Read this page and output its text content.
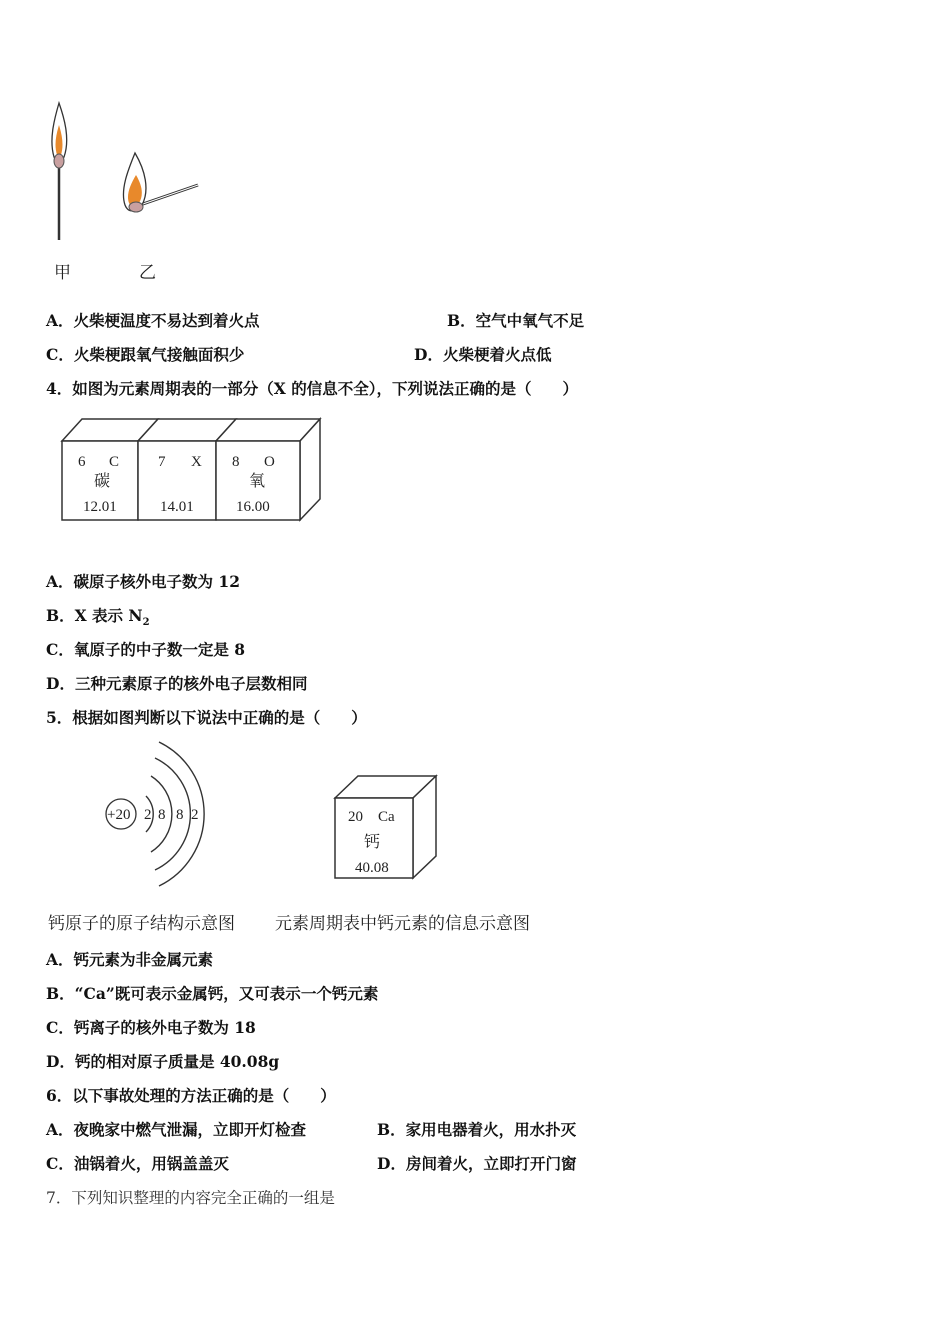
甲	乙
A．火柴梗温度不易达到着火点	B．空气中氧气不足
C．火柴梗跟氧气接触面积少	D．火柴梗着火点低
4．如图为元素周期表的一部分（X 的信息不全），下列说法正确的是（　　）
6 C
碳
12.01
7 X
14.01
8 O
氧
16.00
A．碳原子核外电子数为 12
B．X 表示 $N_2$
C．氧原子的中子数一定是 8
D．三种元素原子的核外电子层数相同
5．根据如图判断以下说法中正确的是（　　）
+20 2 8 8 2	20 Ca
钙
40.08
钙原子的原子结构示意图 元素周期表中钙元素的信息示意图
A．钙元素为非金属元素
B．“Ca”既可表示金属钙，又可表示一个钙元素
C．钙离子的核外电子数为 18
D．钙的相对原子质量是 40.08g
6．以下事故处理的方法正确的是（　　）
A．夜晚家中燃气泄漏，立即开灯检查	B．家用电器着火，用水扑灭
C．油锅着火，用锅盖盖灭	D．房间着火，立即打开门窗
7．下列知识整理的内容完全正确的一组是
